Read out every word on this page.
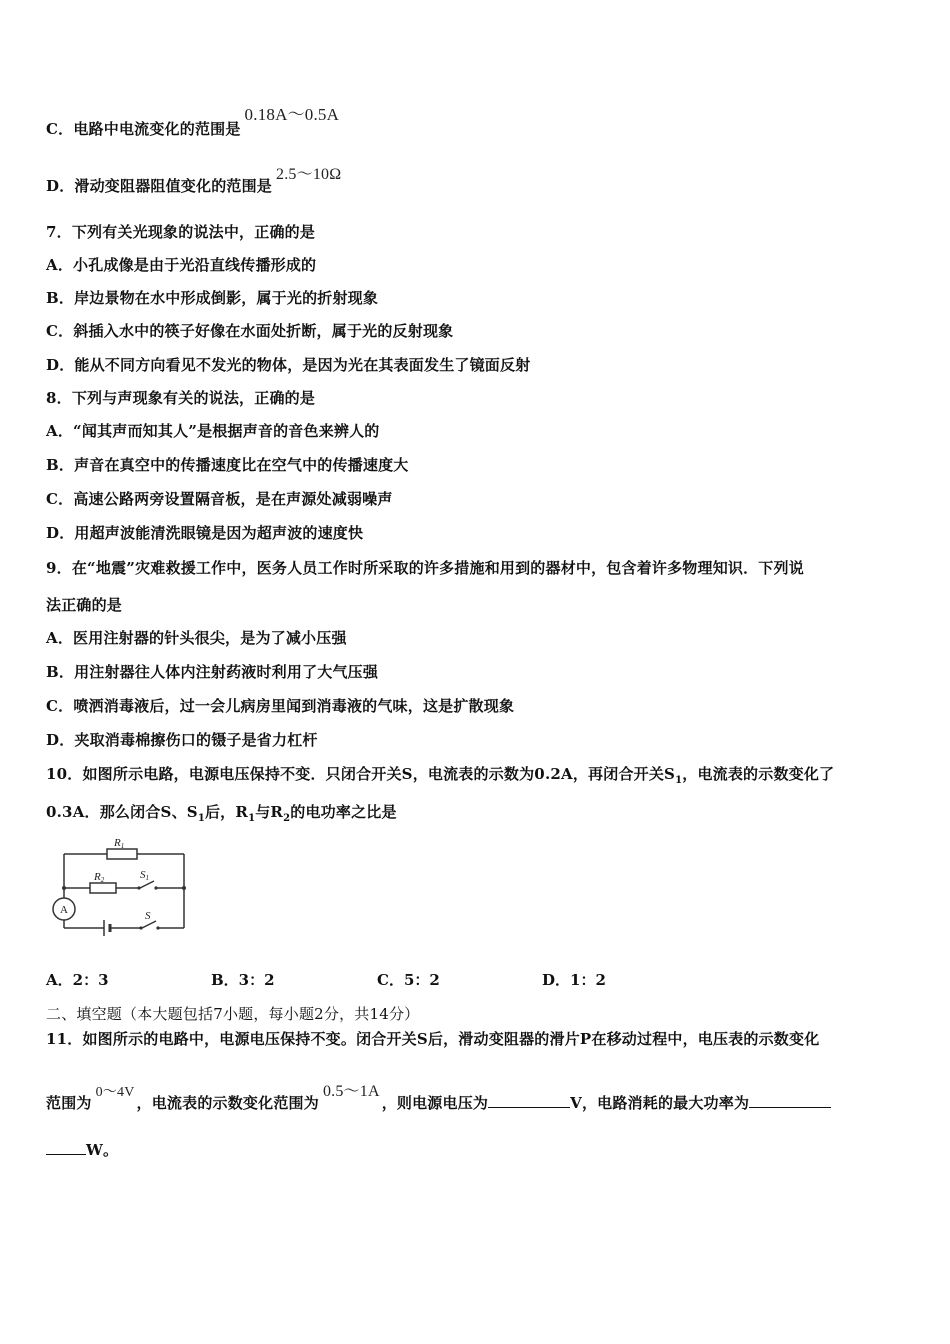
C．电路中电流变化的范围是0.18A～0.5A
D．滑动变阻器阻值变化的范围是2.5～10Ω
7．下列有关光现象的说法中，正确的是
A．小孔成像是由于光沿直线传播形成的
B．岸边景物在水中形成倒影，属于光的折射现象
C．斜插入水中的筷子好像在水面处折断，属于光的反射现象
D．能从不同方向看见不发光的物体，是因为光在其表面发生了镜面反射
8．下列与声现象有关的说法，正确的是
A．“闻其声而知其人”是根据声音的音色来辨人的
B．声音在真空中的传播速度比在空气中的传播速度大
C．高速公路两旁设置隔音板，是在声源处减弱噪声
D．用超声波能清洗眼镜是因为超声波的速度快
9．在“地震”灾难救援工作中，医务人员工作时所采取的许多措施和用到的器材中，包含着许多物理知识．下列说
法正确的是
A．医用注射器的针头很尖，是为了减小压强
B．用注射器往人体内注射药液时利用了大气压强
C．喷洒消毒液后，过一会儿病房里闻到消毒液的气味，这是扩散现象
D．夹取消毒棉擦伤口的镊子是省力杠杆
10．如图所示电路，电源电压保持不变．只闭合开关S，电流表的示数为0.2A，再闭合开关$S_1$，电流表的示数变化了
0.3A．那么闭合S、$S_1$后，$R_1$与$R_2$的电功率之比是
R1
R2	S1
S
A
A．2：3	B．3：2	C．5：2	D．1：2
二、填空题（本大题包括7小题，每小题2分，共14分）
11．如图所示的电路中，电源电压保持不变。闭合开关S后，滑动变阻器的滑片P在移动过程中，电压表的示数变化
范围为0～4V，电流表的示数变化范围为0.5～1A，则电源电压为	V，电路消耗的最大功率为
W。
